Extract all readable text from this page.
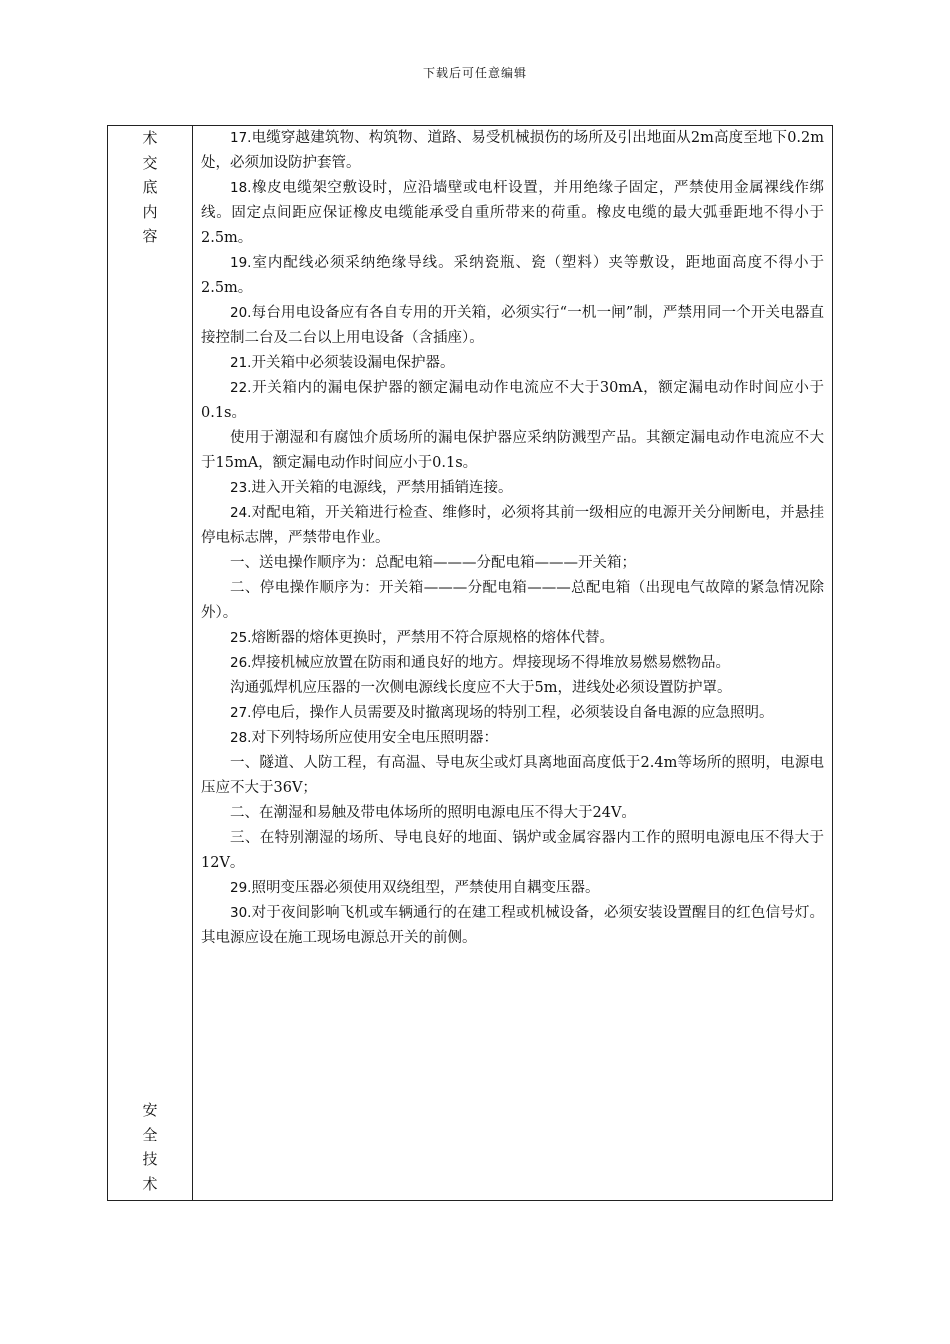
下载后可任意编辑
术
交
底
内
容
安
全
技
术

17.电缆穿越建筑物、构筑物、道路、易受机械损伤的场所及引出地面从2m高度至地下0.2m处，必须加设防护套管。

18.橡皮电缆架空敷设时，应沿墙壁或电杆设置，并用绝缘子固定，严禁使用金属裸线作绑线。固定点间距应保证橡皮电缆能承受自重所带来的荷重。橡皮电缆的最大弧垂距地不得小于2.5m。

19.室内配线必须采纳绝缘导线。采纳瓷瓶、瓷（塑料）夹等敷设，距地面高度不得小于2.5m。

20.每台用电设备应有各自专用的开关箱，必须实行“一机一闸”制，严禁用同一个开关电器直接控制二台及二台以上用电设备（含插座）。

21.开关箱中必须装设漏电保护器。

22.开关箱内的漏电保护器的额定漏电动作电流应不大于30mA，额定漏电动作时间应小于0.1s。

使用于潮湿和有腐蚀介质场所的漏电保护器应采纳防溅型产品。其额定漏电动作电流应不大于15mA，额定漏电动作时间应小于0.1s。

23.进入开关箱的电源线，严禁用插销连接。

24.对配电箱，开关箱进行检查、维修时，必须将其前一级相应的电源开关分闸断电，并悬挂停电标志牌，严禁带电作业。

一、送电操作顺序为：总配电箱———分配电箱———开关箱；

二、停电操作顺序为：开关箱———分配电箱———总配电箱（出现电气故障的紧急情况除外）。

25.熔断器的熔体更换时，严禁用不符合原规格的熔体代替。

26.焊接机械应放置在防雨和通良好的地方。焊接现场不得堆放易燃易燃物品。

沟通弧焊机应压器的一次侧电源线长度应不大于5m，进线处必须设置防护罩。

27.停电后，操作人员需要及时撤离现场的特别工程，必须装设自备电源的应急照明。

28.对下列特场所应使用安全电压照明器：

一、隧道、人防工程，有高温、导电灰尘或灯具离地面高度低于2.4m等场所的照明，电源电压应不大于36V；

二、在潮湿和易触及带电体场所的照明电源电压不得大于24V。

三、在特别潮湿的场所、导电良好的地面、锅炉或金属容器内工作的照明电源电压不得大于12V。

29.照明变压器必须使用双绕组型，严禁使用自耦变压器。

30.对于夜间影响飞机或车辆通行的在建工程或机械设备，必须安装设置醒目的红色信号灯。其电源应设在施工现场电源总开关的前侧。
